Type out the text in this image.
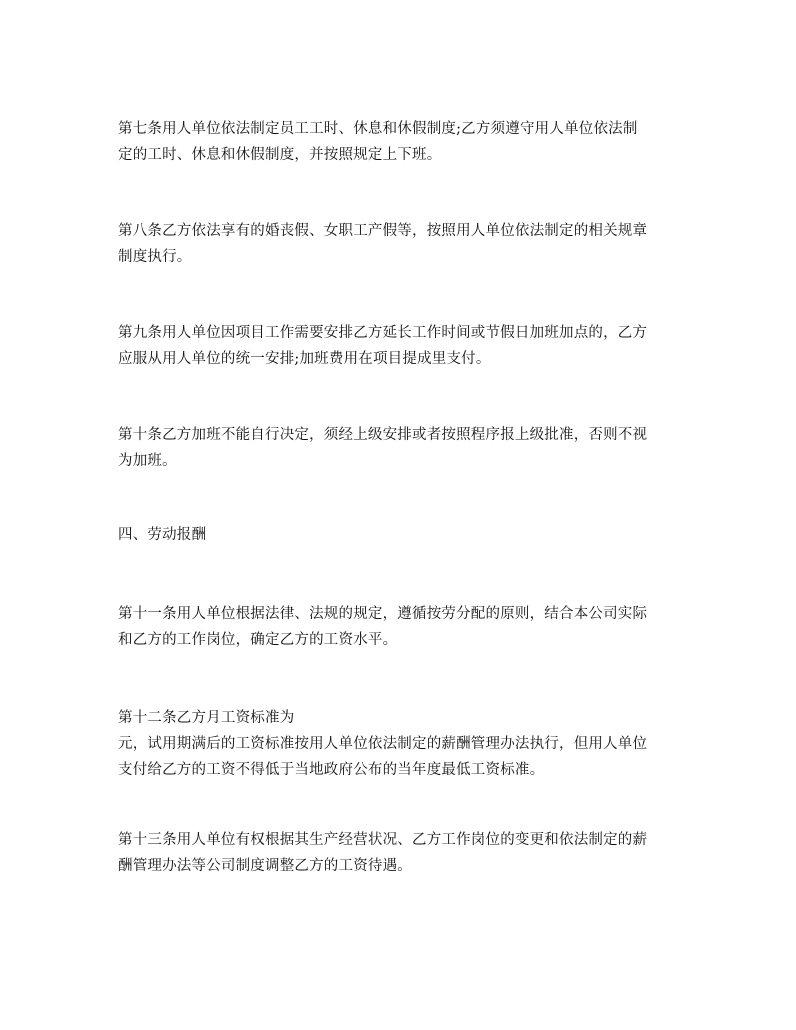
第七条用人单位依法制定员工工时、休息和休假制度;乙方须遵守用人单位依法制
定的工时、休息和休假制度，并按照规定上下班。

第八条乙方依法享有的婚丧假、女职工产假等，按照用人单位依法制定的相关规章
制度执行。

第九条用人单位因项目工作需要安排乙方延长工作时间或节假日加班加点的，乙方
应服从用人单位的统一安排;加班费用在项目提成里支付。

第十条乙方加班不能自行决定，须经上级安排或者按照程序报上级批准，否则不视
为加班。

四、劳动报酬

第十一条用人单位根据法律、法规的规定，遵循按劳分配的原则，结合本公司实际
和乙方的工作岗位，确定乙方的工资水平。

第十二条乙方月工资标准为
元，试用期满后的工资标准按用人单位依法制定的薪酬管理办法执行，但用人单位
支付给乙方的工资不得低于当地政府公布的当年度最低工资标准。

第十三条用人单位有权根据其生产经营状况、乙方工作岗位的变更和依法制定的薪
酬管理办法等公司制度调整乙方的工资待遇。
